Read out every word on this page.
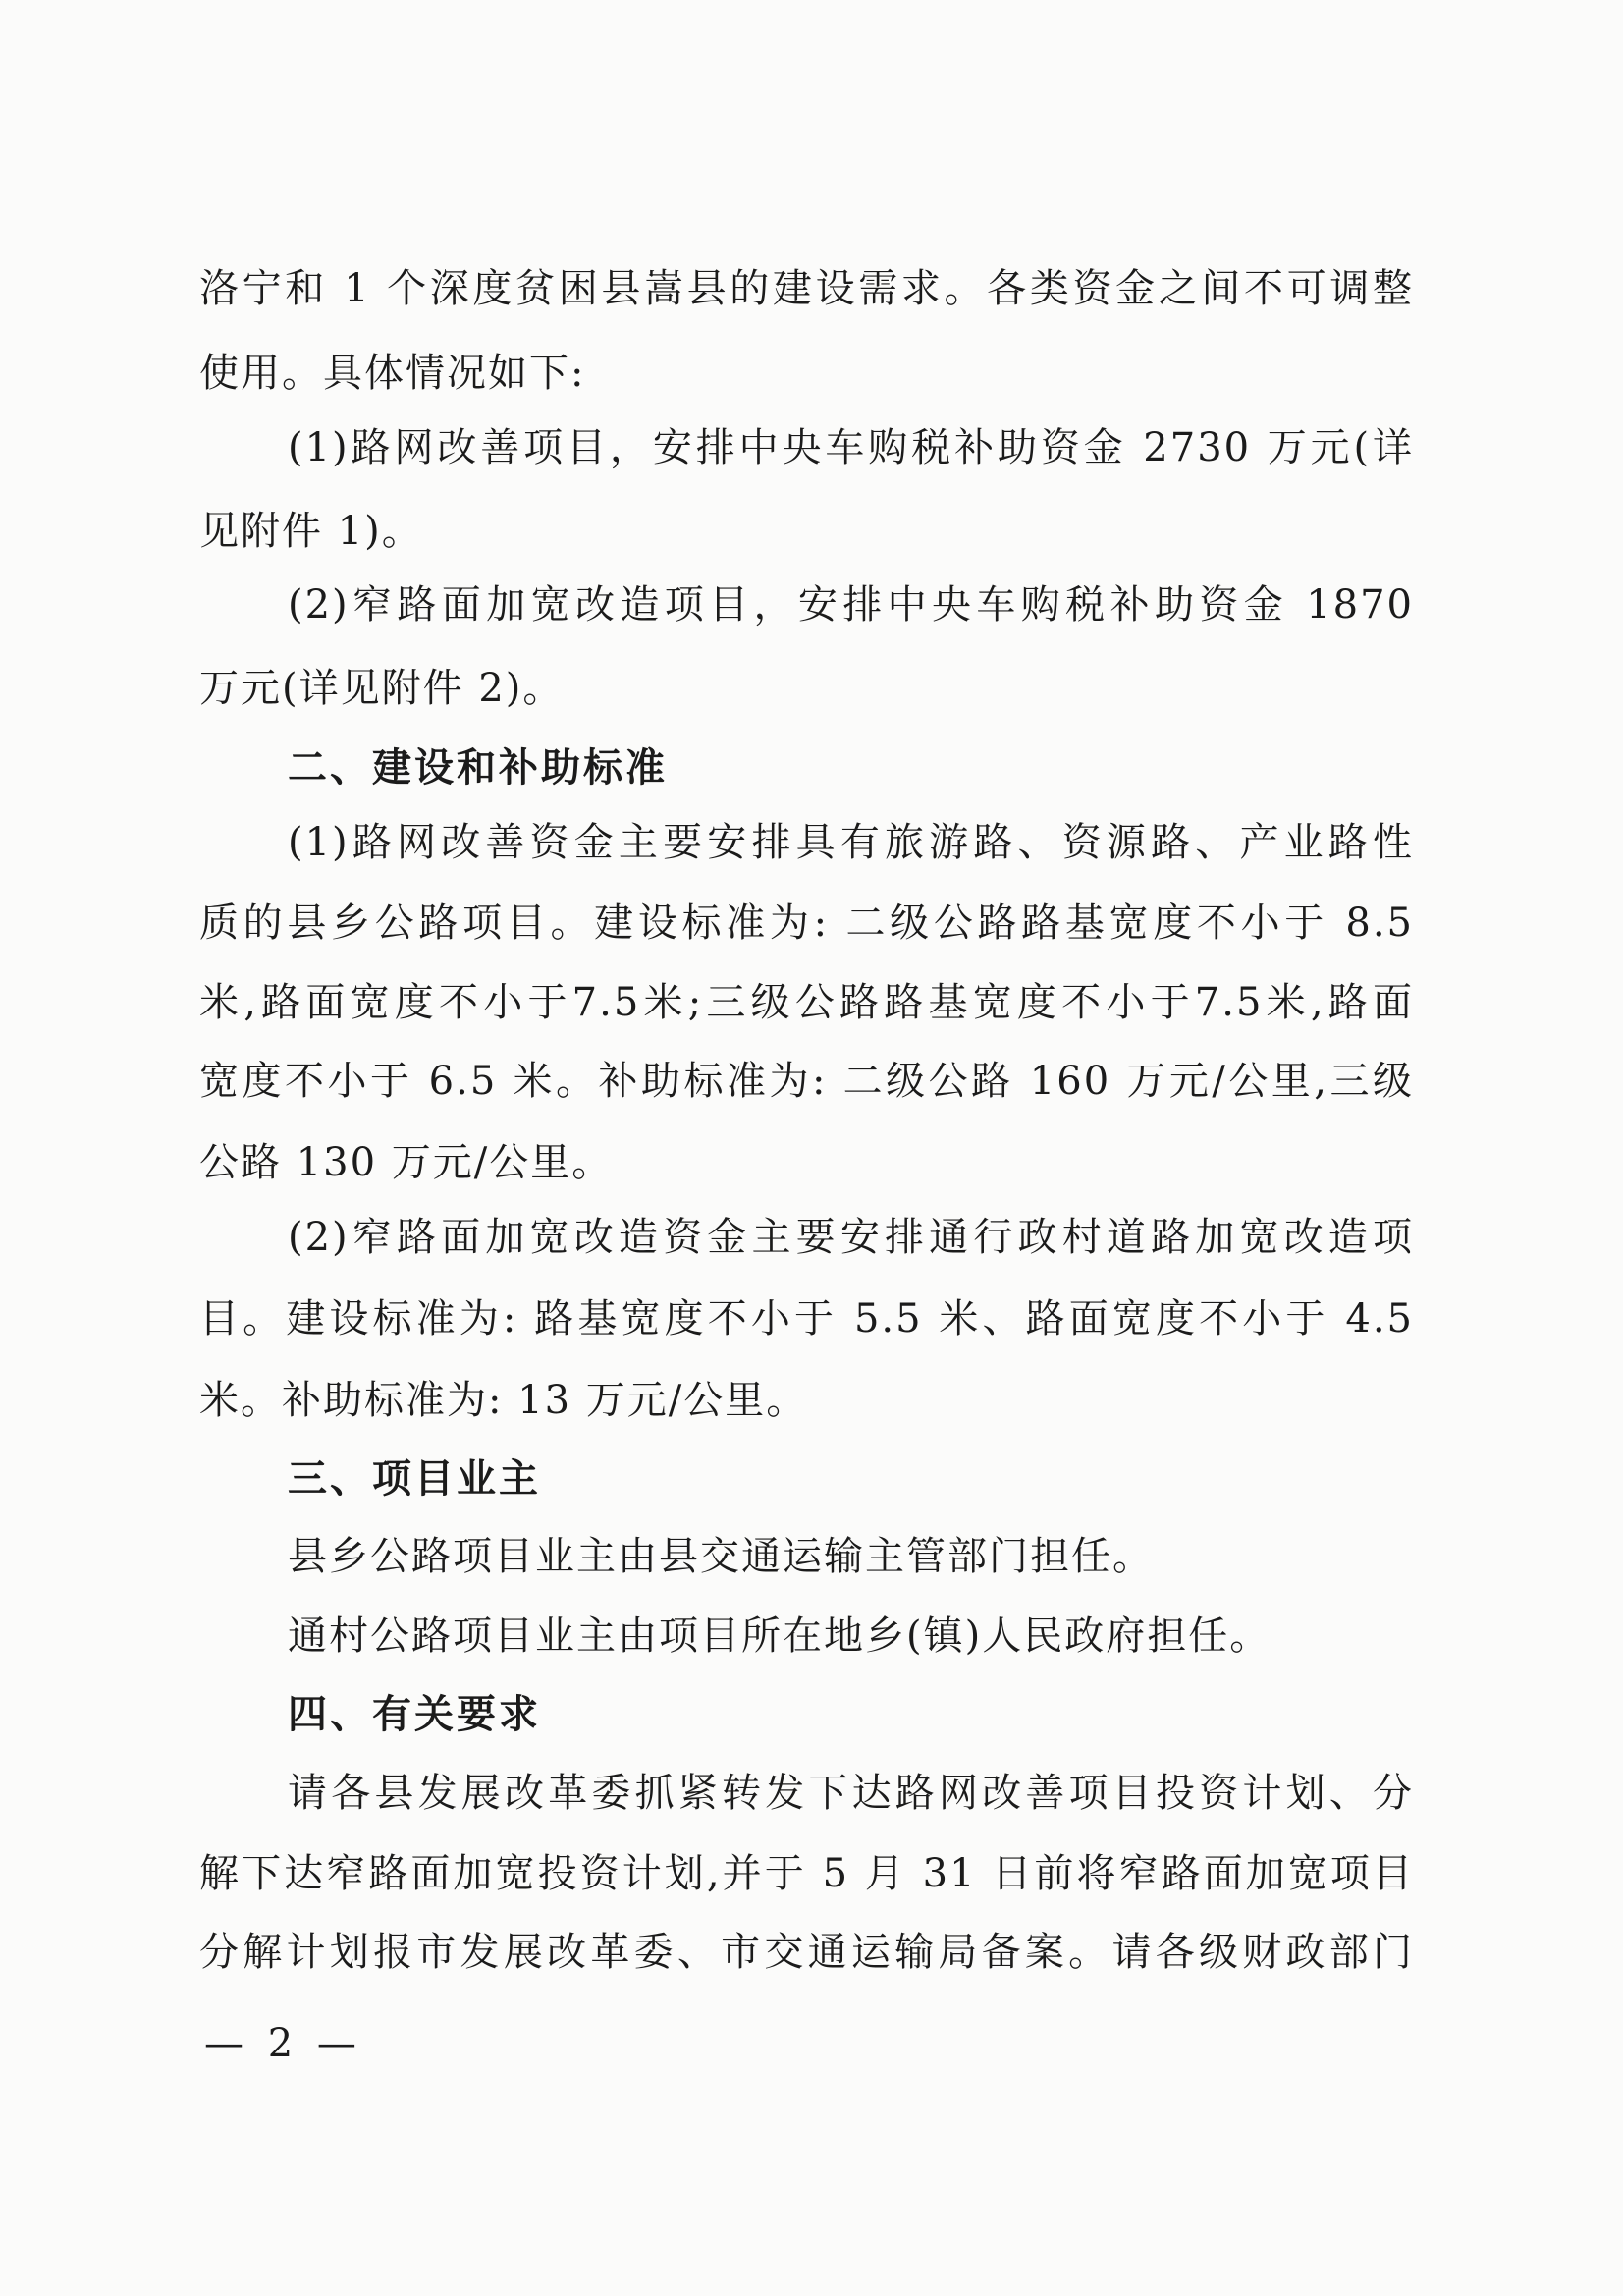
洛宁和 1 个深度贫困县嵩县的建设需求。各类资金之间不可调整
使用。具体情况如下:
(1)路网改善项目，安排中央车购税补助资金 2730 万元(详
见附件 1)。
(2)窄路面加宽改造项目，安排中央车购税补助资金 1870
万元(详见附件 2)。
二、建设和补助标准
(1)路网改善资金主要安排具有旅游路、资源路、产业路性
质的县乡公路项目。建设标准为: 二级公路路基宽度不小于 8.5
米,路面宽度不小于7.5米;三级公路路基宽度不小于7.5米,路面
宽度不小于 6.5 米。补助标准为: 二级公路 160 万元/公里,三级
公路 130 万元/公里。
(2)窄路面加宽改造资金主要安排通行政村道路加宽改造项
目。建设标准为: 路基宽度不小于 5.5 米、路面宽度不小于 4.5
米。补助标准为: 13 万元/公里。
三、项目业主
县乡公路项目业主由县交通运输主管部门担任。
通村公路项目业主由项目所在地乡(镇)人民政府担任。
四、有关要求
请各县发展改革委抓紧转发下达路网改善项目投资计划、分
解下达窄路面加宽投资计划,并于 5 月 31 日前将窄路面加宽项目
分解计划报市发展改革委、市交通运输局备案。请各级财政部门
— 2 —
